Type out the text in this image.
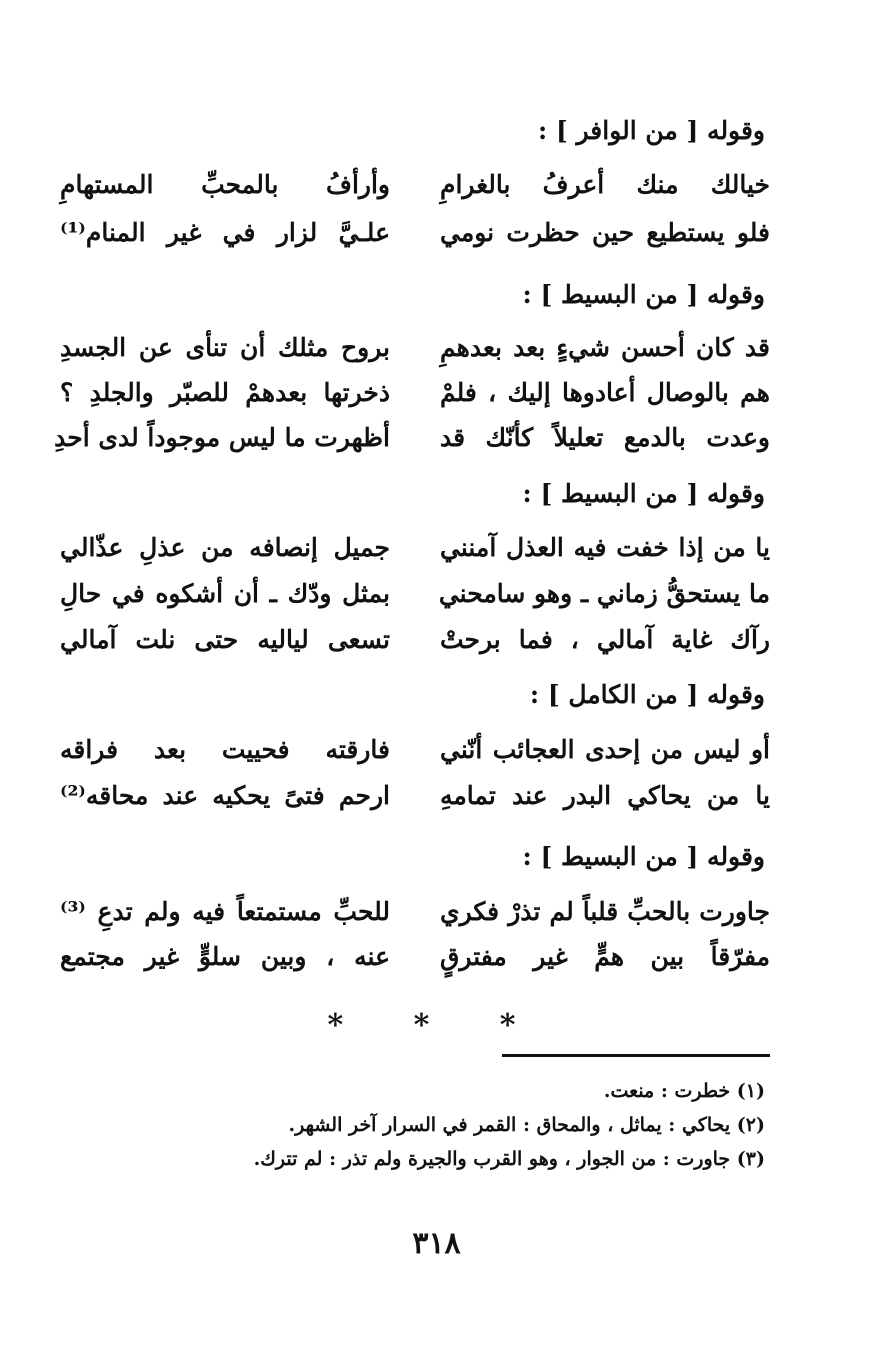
وقوله [ من الوافر ] :
خيالك منك أعرفُ بالغرامِ
وأرأفُ بالمحبِّ المستهامِ
فلو يستطيع حين حظرت نومي
علـيَّ لزار في غير المنام⁽¹⁾
وقوله [ من البسيط ] :
قد كان أحسن شيءٍ بعد بعدهمِ
بروح مثلك أن تنأى عن الجسدِ
هم بالوصال أعادوها إليك ، فلمْ
ذخرتها بعدهمْ للصبّر والجلدِ ؟
وعدت بالدمع تعليلاً كأنّك قد
أظهرت ما ليس موجوداً لدى أحدِ
وقوله [ من البسيط ] :
يا من إذا خفت فيه العذل آمنني
جميل إنصافه من عذلِ عذّالي
ما يستحقُّ زماني ـ وهو سامحني
بمثل ودّك ـ أن أشكوه في حالِ
رآك غاية آمالي ، فما برحتْ
تسعى لياليه حتى نلت آمالي
وقوله [ من الكامل ] :
أو ليس من إحدى العجائب أنّني
فارقته فحييت بعد فراقه
يا من يحاكي البدر عند تمامهِ
ارحم فتىً يحكيه عند محاقه⁽²⁾
وقوله [ من البسيط ] :
جاورت بالحبِّ قلباً لم تذرْ فكري
للحبِّ مستمتعاً فيه ولم تدعِ ⁽³⁾
مفرّقاً بين همٍّ غير مفترقٍ
عنه ، وبين سلوٍّ غير مجتمع
* * *
(١) خطرت : منعت.
(٢) يحاكي : يماثل ، والمحاق : القمر في السرار آخر الشهر.
(٣) جاورت : من الجوار ، وهو القرب والجيرة ولم تذر : لم تترك.
٣١٨
